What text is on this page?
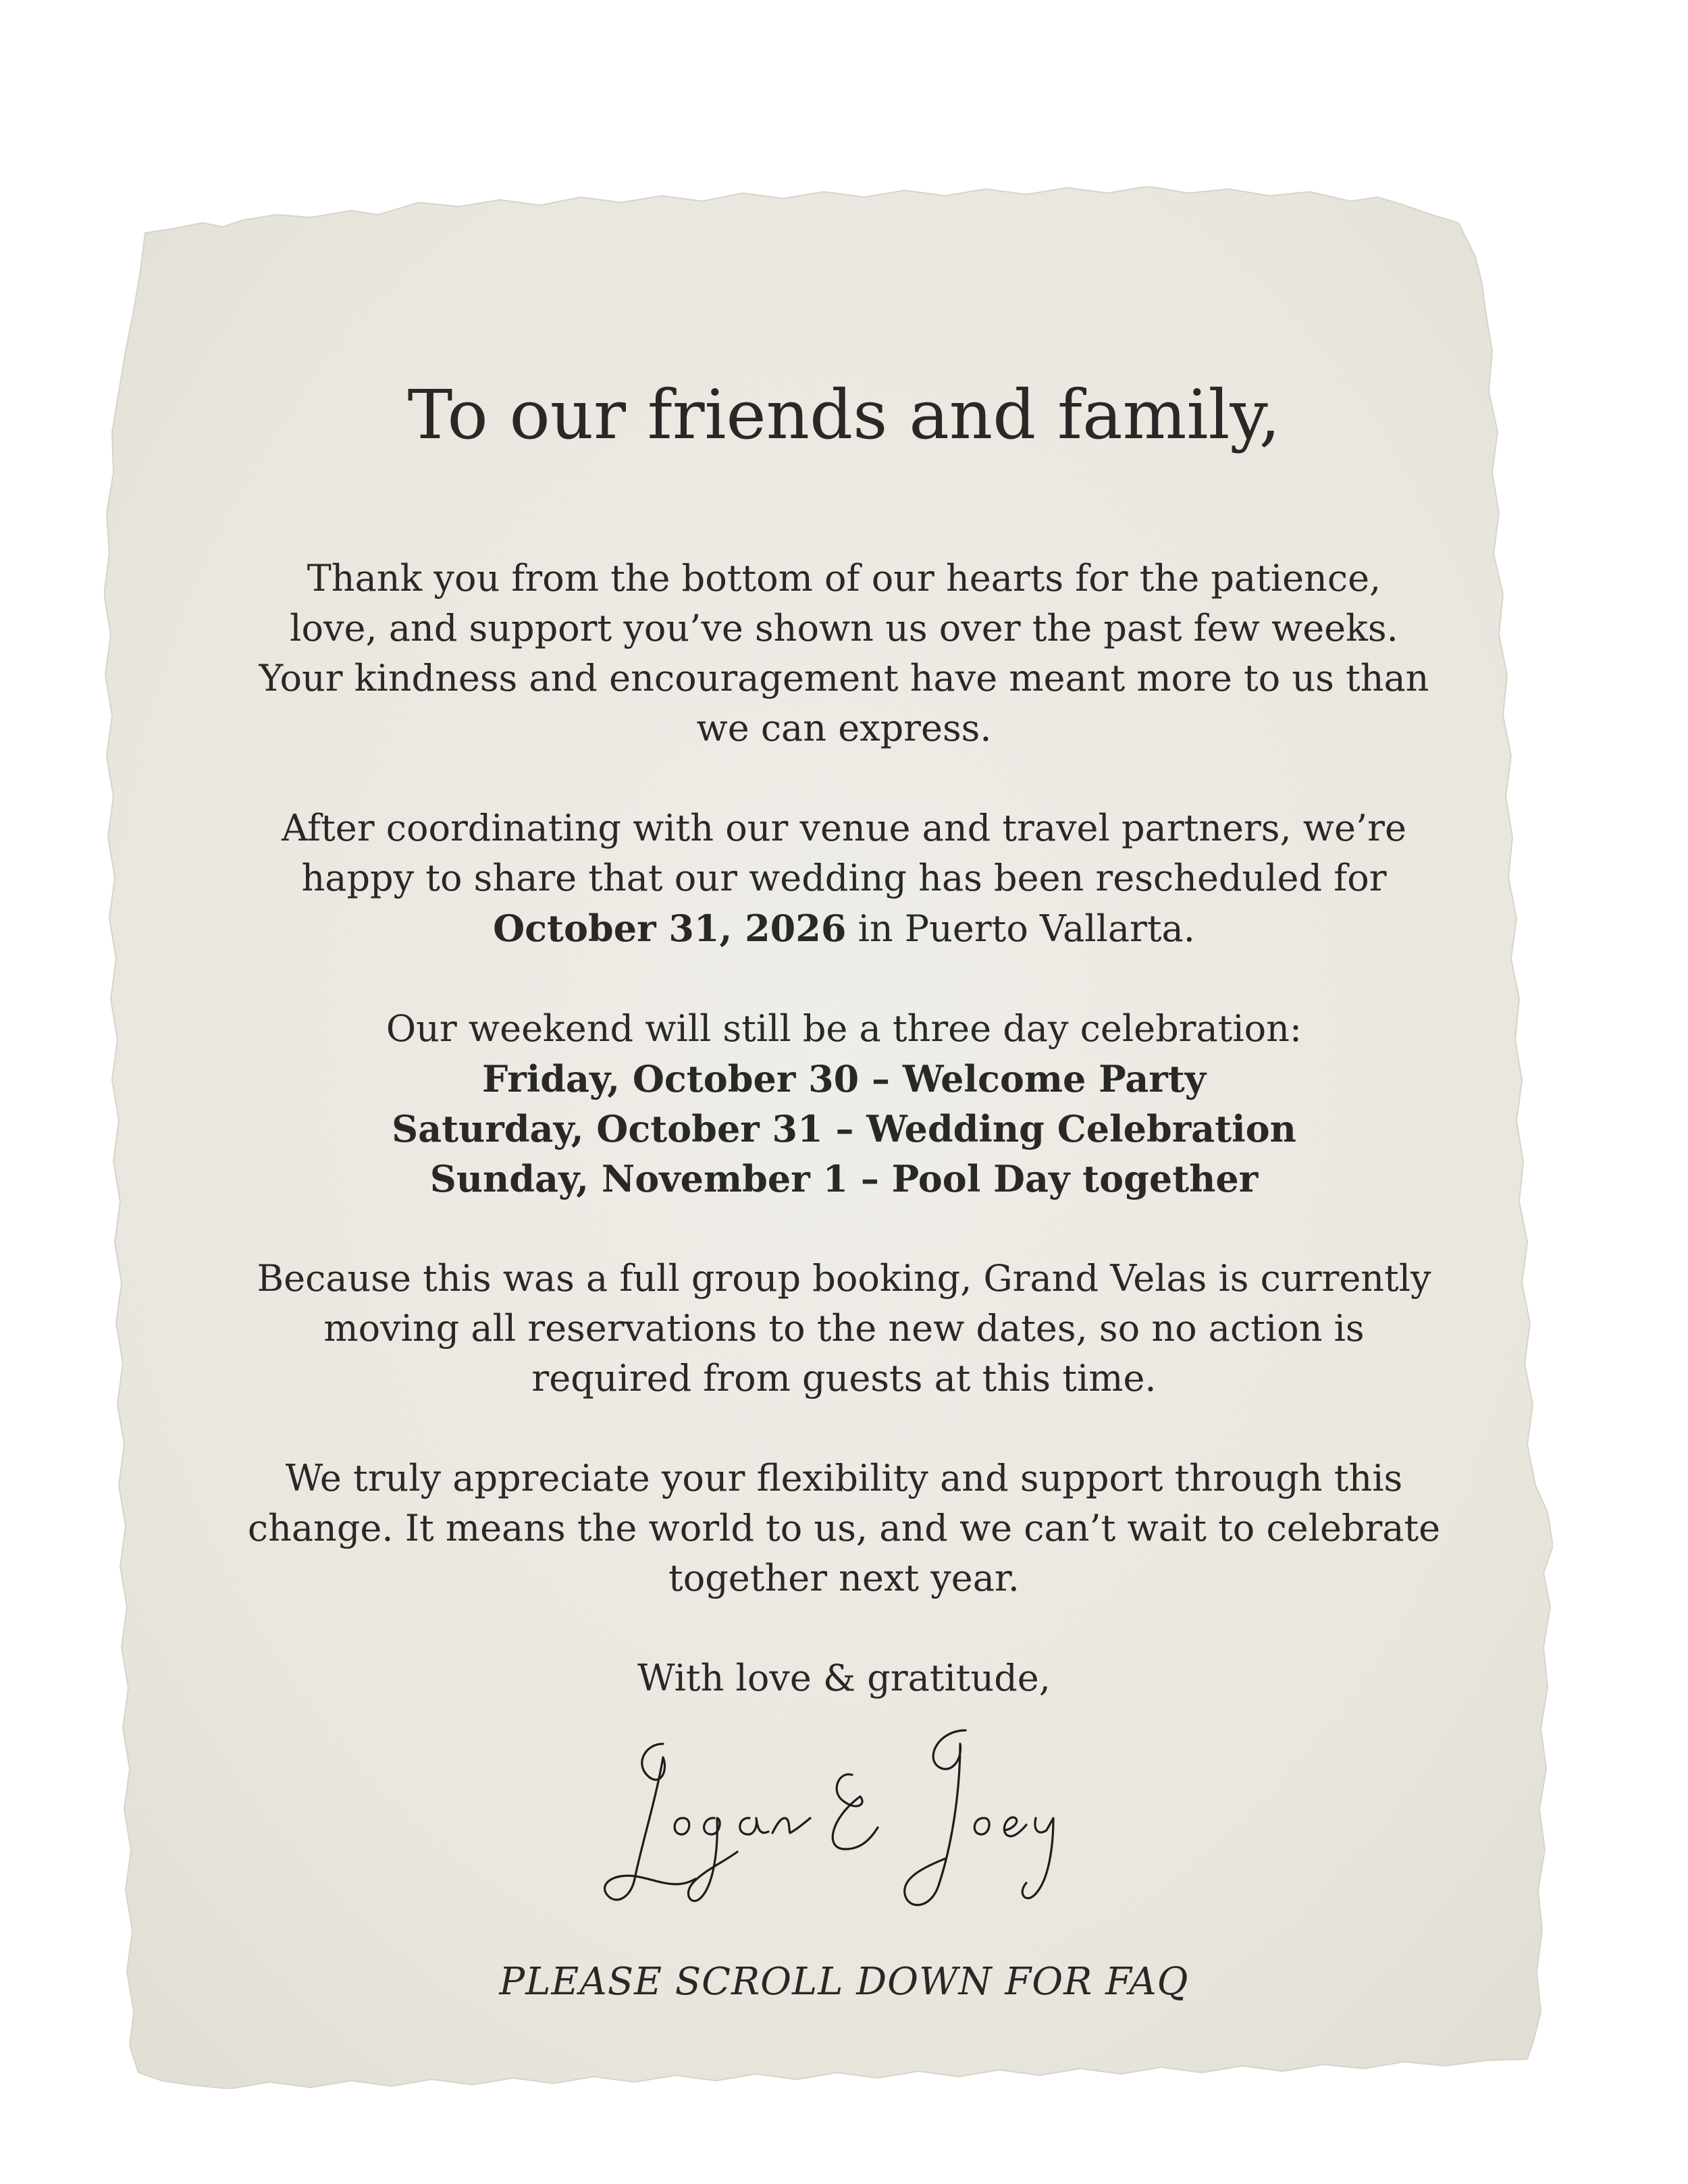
To our friends and family,

Thank you from the bottom of our hearts for the patience,
love, and support you’ve shown us over the past few weeks.
Your kindness and encouragement have meant more to us than
we can express.

After coordinating with our venue and travel partners, we’re
happy to share that our wedding has been rescheduled for
October 31, 2026 in Puerto Vallarta.

Our weekend will still be a three day celebration:
Friday, October 30 – Welcome Party
Saturday, October 31 – Wedding Celebration
Sunday, November 1 – Pool Day together

Because this was a full group booking, Grand Velas is currently
moving all reservations to the new dates, so no action is
required from guests at this time.

We truly appreciate your flexibility and support through this
change. It means the world to us, and we can’t wait to celebrate
together next year.

With love & gratitude,

PLEASE SCROLL DOWN FOR FAQ
